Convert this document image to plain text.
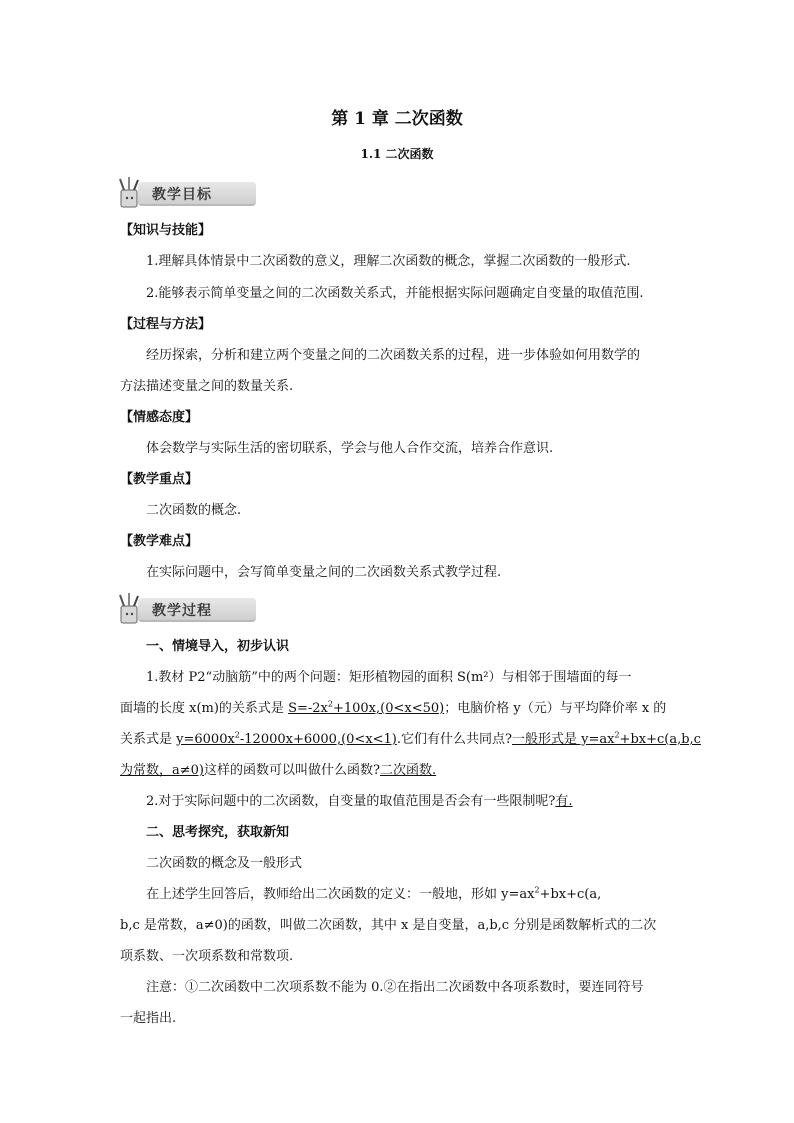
第 1 章 二次函数
1.1 二次函数
教学目标
【知识与技能】
1.理解具体情景中二次函数的意义，理解二次函数的概念，掌握二次函数的一般形式.
2.能够表示简单变量之间的二次函数关系式，并能根据实际问题确定自变量的取值范围.
【过程与方法】
经历探索，分析和建立两个变量之间的二次函数关系的过程，进一步体验如何用数学的
方法描述变量之间的数量关系.
【情感态度】
体会数学与实际生活的密切联系，学会与他人合作交流，培养合作意识.
【教学重点】
二次函数的概念.
【教学难点】
在实际问题中，会写简单变量之间的二次函数关系式教学过程.
教学过程
一、情境导入，初步认识
1.教材 P2“动脑筋”中的两个问题：矩形植物园的面积 S(m²）与相邻于围墙面的每一
面墙的长度 x(m)的关系式是 $S=-2x^2+100x,(0<x<50)$；电脑价格 y（元）与平均降价率 x 的
关系式是 $y=6000x^2-12000x+6000,(0<x<1)$.它们有什么共同点?一般形式是 $y=ax^2+bx+c(a,b,c$
为常数，a≠0)这样的函数可以叫做什么函数?二次函数.
2.对于实际问题中的二次函数，自变量的取值范围是否会有一些限制呢?有.
二、思考探究，获取新知
二次函数的概念及一般形式
在上述学生回答后，教师给出二次函数的定义：一般地，形如 $y=ax^2+bx+c(a$,
b,c 是常数，a≠0)的函数，叫做二次函数，其中 x 是自变量，a,b,c 分别是函数解析式的二次
项系数、一次项系数和常数项.
注意：①二次函数中二次项系数不能为 0.②在指出二次函数中各项系数时，要连同符号
一起指出.
